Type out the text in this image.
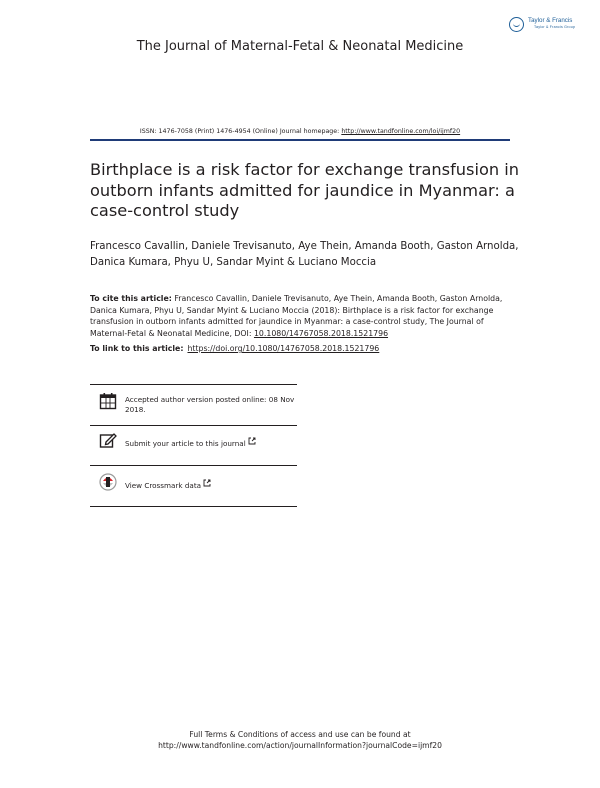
Taylor & Francis
Taylor & Francis Group
The Journal of Maternal-Fetal & Neonatal Medicine
ISSN: 1476-7058 (Print) 1476-4954 (Online) Journal homepage: http://www.tandfonline.com/loi/ijmf20
Birthplace is a risk factor for exchange transfusion in outborn infants admitted for jaundice in Myanmar: a case-control study
Francesco Cavallin, Daniele Trevisanuto, Aye Thein, Amanda Booth, Gaston Arnolda, Danica Kumara, Phyu U, Sandar Myint & Luciano Moccia
To cite this article: Francesco Cavallin, Daniele Trevisanuto, Aye Thein, Amanda Booth, Gaston Arnolda, Danica Kumara, Phyu U, Sandar Myint & Luciano Moccia (2018): Birthplace is a risk factor for exchange transfusion in outborn infants admitted for jaundice in Myanmar: a case-control study, The Journal of Maternal-Fetal & Neonatal Medicine, DOI: 10.1080/14767058.2018.1521796
To link to this article: https://doi.org/10.1080/14767058.2018.1521796
Accepted author version posted online: 08 Nov 2018.
Submit your article to this journal
View Crossmark data
Full Terms & Conditions of access and use can be found at
http://www.tandfonline.com/action/journalInformation?journalCode=ijmf20
